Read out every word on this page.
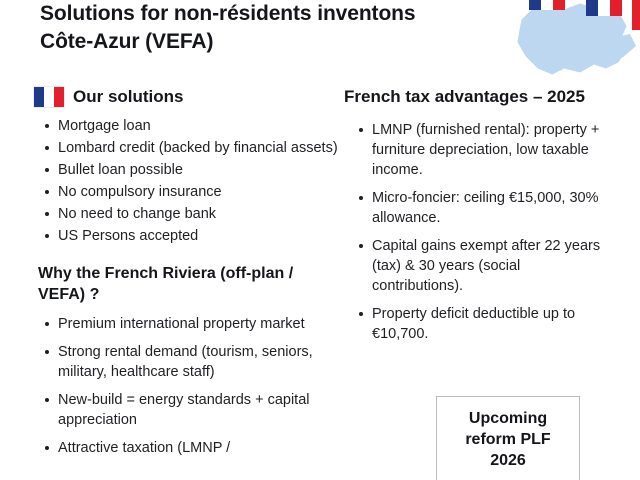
Solutions for non-résidents inventons Côte-Azur (VEFA)
Our solutions
Mortgage loan
Lombard credit (backed by financial assets)
Bullet loan possible
No compulsory insurance
No need to change bank
US Persons accepted
Why the French Riviera (off-plan / VEFA) ?
Premium international property market
Strong rental demand (tourism, seniors, military, healthcare staff)
New-build = energy standards + capital appreciation
Attractive taxation (LMNP /
French tax advantages – 2025
LMNP (furnished rental): property + furniture depreciation, low taxable income.
Micro-foncier: ceiling €15,000, 30% allowance.
Capital gains exempt after 22 years (tax) & 30 years (social contributions).
Property deficit deductible up to €10,700.
Upcoming reform PLF 2026
